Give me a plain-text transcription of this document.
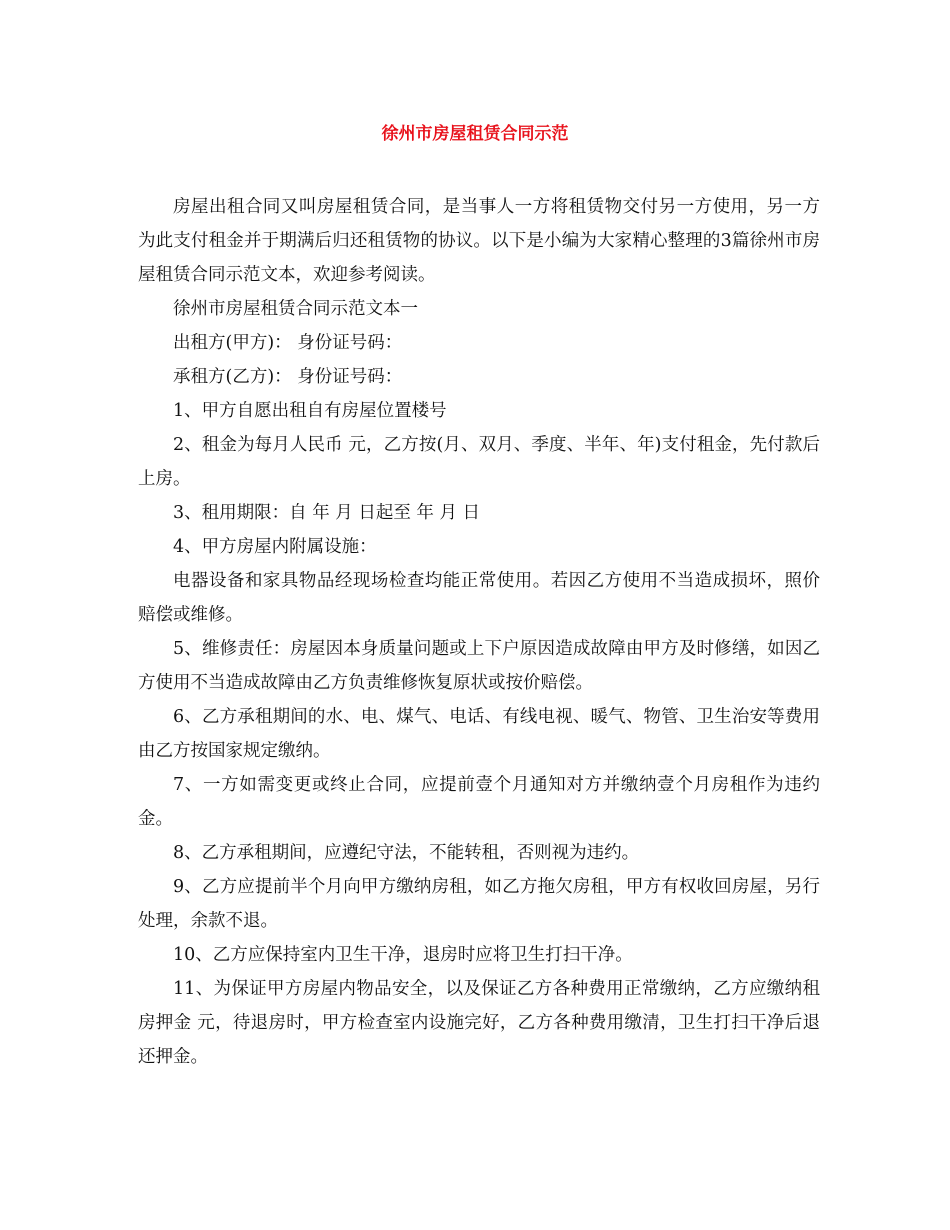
徐州市房屋租赁合同示范

房屋出租合同又叫房屋租赁合同，是当事人一方将租赁物交付另一方使用，另一方为此支付租金并于期满后归还租赁物的协议。以下是小编为大家精心整理的3篇徐州市房屋租赁合同示范文本，欢迎参考阅读。

徐州市房屋租赁合同示范文本一

出租方(甲方)： 身份证号码：

承租方(乙方)： 身份证号码：

1、甲方自愿出租自有房屋位置楼号

2、租金为每月人民币 元，乙方按(月、双月、季度、半年、年)支付租金，先付款后上房。

3、租用期限：自 年 月 日起至 年 月 日

4、甲方房屋内附属设施：

电器设备和家具物品经现场检查均能正常使用。若因乙方使用不当造成损坏，照价赔偿或维修。

5、维修责任：房屋因本身质量问题或上下户原因造成故障由甲方及时修缮，如因乙方使用不当造成故障由乙方负责维修恢复原状或按价赔偿。

6、乙方承租期间的水、电、煤气、电话、有线电视、暖气、物管、卫生治安等费用由乙方按国家规定缴纳。

7、一方如需变更或终止合同，应提前壹个月通知对方并缴纳壹个月房租作为违约金。

8、乙方承租期间，应遵纪守法，不能转租，否则视为违约。

9、乙方应提前半个月向甲方缴纳房租，如乙方拖欠房租，甲方有权收回房屋，另行处理，余款不退。

10、乙方应保持室内卫生干净，退房时应将卫生打扫干净。

11、为保证甲方房屋内物品安全，以及保证乙方各种费用正常缴纳，乙方应缴纳租房押金 元，待退房时，甲方检查室内设施完好，乙方各种费用缴清，卫生打扫干净后退还押金。
